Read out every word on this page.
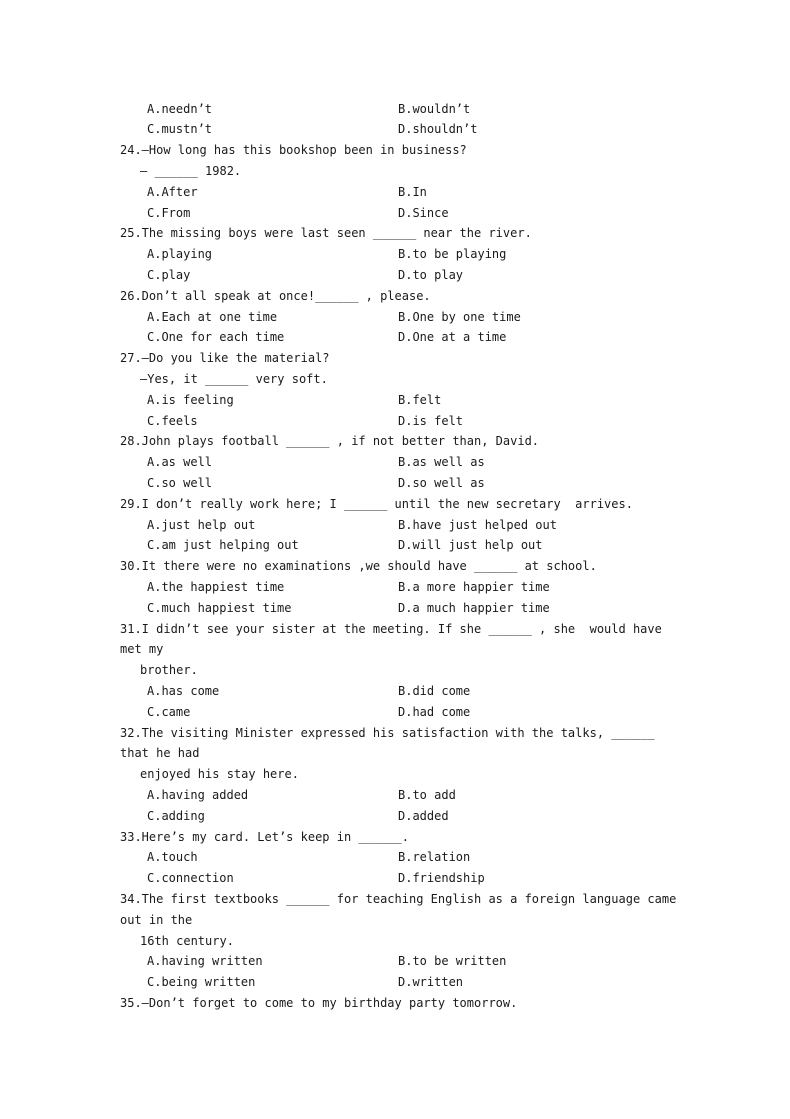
A.needn’t	B.wouldn’t
C.mustn’t	D.shouldn’t
24.—How long has this bookshop been in business?
— ______ 1982.
A.After	B.In
C.From	D.Since
25.The missing boys were last seen ______ near the river.
A.playing	B.to be playing
C.play	D.to play
26.Don’t all speak at once!______ , please.
A.Each at one time	B.One by one time
C.One for each time	D.One at a time
27.—Do you like the material?
—Yes, it ______ very soft.
A.is feeling	B.felt
C.feels	D.is felt
28.John plays football ______ , if not better than, David.
A.as well	B.as well as
C.so well	D.so well as
29.I don’t really work here; I ______ until the new secretary  arrives.
A.just help out	B.have just helped out
C.am just helping out	D.will just help out
30.It there were no examinations ,we should have ______ at school.
A.the happiest time	B.a more happier time
C.much happiest time	D.a much happier time
31.I didn’t see your sister at the meeting. If she ______ , she  would have
met my
brother.
A.has come	B.did come
C.came	D.had come
32.The visiting Minister expressed his satisfaction with the talks, ______
that he had
enjoyed his stay here.
A.having added	B.to add
C.adding	D.added
33.Here’s my card. Let’s keep in ______.
A.touch	B.relation
C.connection	D.friendship
34.The first textbooks ______ for teaching English as a foreign language came
out in the
16th century.
A.having written	B.to be written
C.being written	D.written
35.—Don’t forget to come to my birthday party tomorrow.
